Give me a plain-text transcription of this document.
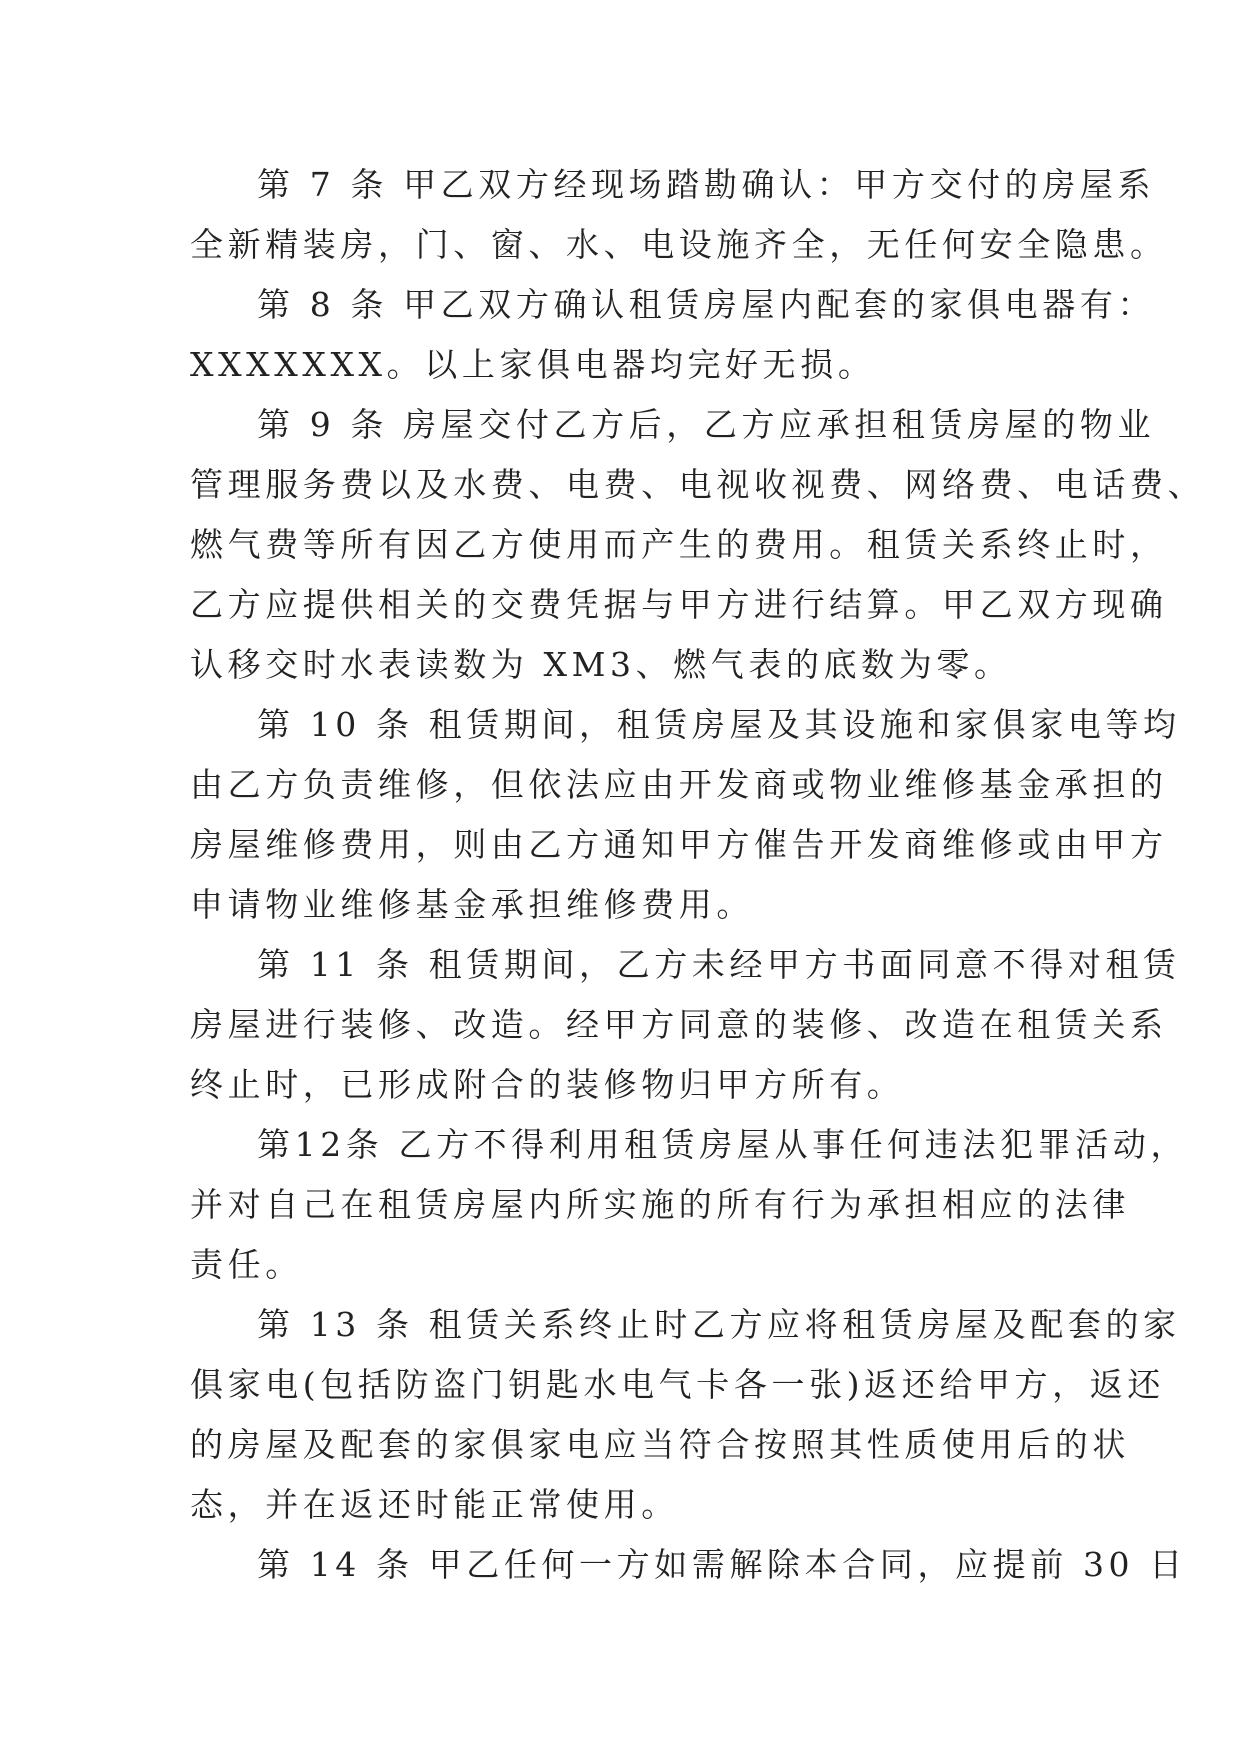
第 7 条 甲乙双方经现场踏勘确认：甲方交付的房屋系
全新精装房，门、窗、水、电设施齐全，无任何安全隐患。
第 8 条 甲乙双方确认租赁房屋内配套的家俱电器有：
XXXXXXX。以上家俱电器均完好无损。
第 9 条 房屋交付乙方后，乙方应承担租赁房屋的物业
管理服务费以及水费、电费、电视收视费、网络费、电话费、
燃气费等所有因乙方使用而产生的费用。租赁关系终止时，
乙方应提供相关的交费凭据与甲方进行结算。甲乙双方现确
认移交时水表读数为 XM3、燃气表的底数为零。
第 10 条 租赁期间，租赁房屋及其设施和家俱家电等均
由乙方负责维修，但依法应由开发商或物业维修基金承担的
房屋维修费用，则由乙方通知甲方催告开发商维修或由甲方
申请物业维修基金承担维修费用。
第 11 条 租赁期间，乙方未经甲方书面同意不得对租赁
房屋进行装修、改造。经甲方同意的装修、改造在租赁关系
终止时，已形成附合的装修物归甲方所有。
第12条 乙方不得利用租赁房屋从事任何违法犯罪活动，
并对自己在租赁房屋内所实施的所有行为承担相应的法律
责任。
第 13 条 租赁关系终止时乙方应将租赁房屋及配套的家
俱家电(包括防盗门钥匙水电气卡各一张)返还给甲方，返还
的房屋及配套的家俱家电应当符合按照其性质使用后的状
态，并在返还时能正常使用。
第 14 条 甲乙任何一方如需解除本合同，应提前 30 日
